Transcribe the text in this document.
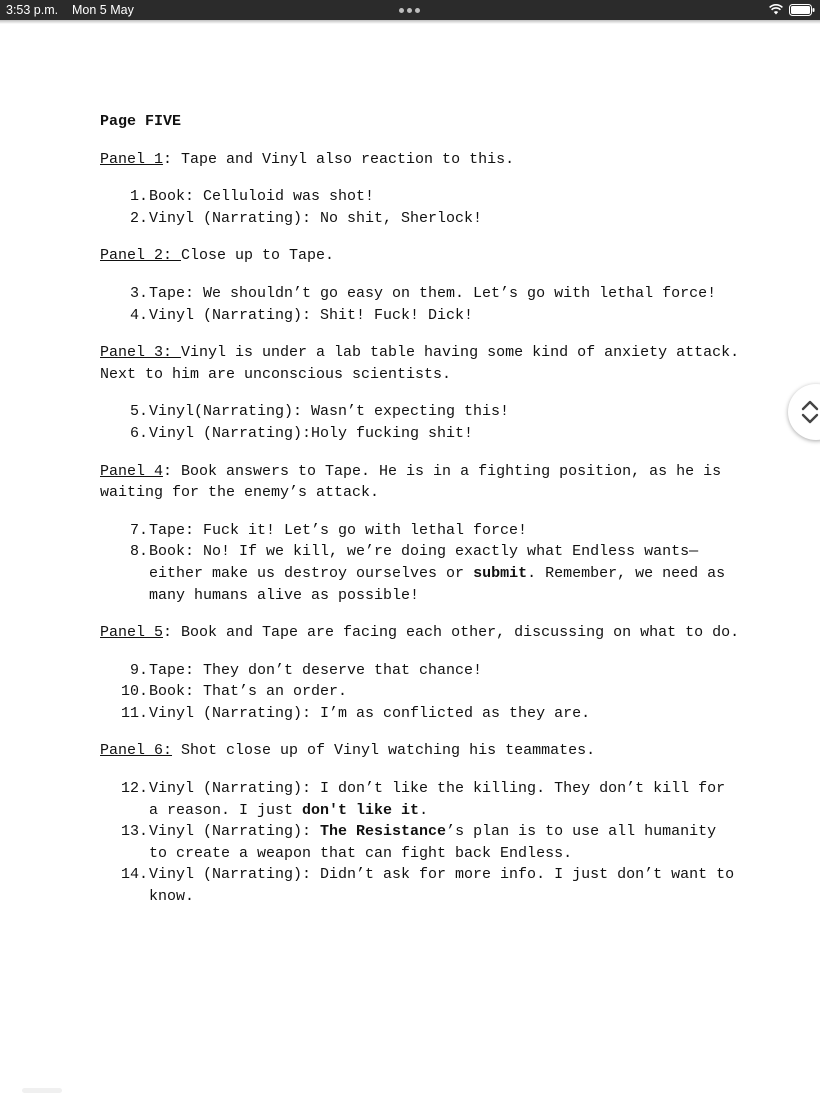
3:53 p.m. Mon 5 May

Page FIVE

Panel 1: Tape and Vinyl also reaction to this.

1. Book: Celluloid was shot!
2. Vinyl (Narrating): No shit, Sherlock!

Panel 2: Close up to Tape.

3. Tape: We shouldn’t go easy on them. Let’s go with lethal force!
4. Vinyl (Narrating): Shit! Fuck! Dick!

Panel 3: Vinyl is under a lab table having some kind of anxiety attack. Next to him are unconscious scientists.

5. Vinyl(Narrating): Wasn’t expecting this!
6. Vinyl (Narrating):Holy fucking shit!

Panel 4: Book answers to Tape. He is in a fighting position, as he is waiting for the enemy’s attack.

7. Tape: Fuck it! Let’s go with lethal force!
8. Book: No! If we kill, we’re doing exactly what Endless wants—either make us destroy ourselves or submit. Remember, we need as many humans alive as possible!

Panel 5: Book and Tape are facing each other, discussing on what to do.

9. Tape: They don’t deserve that chance!
10. Book: That’s an order.
11. Vinyl (Narrating): I’m as conflicted as they are.

Panel 6: Shot close up of Vinyl watching his teammates.

12. Vinyl (Narrating): I don’t like the killing. They don’t kill for a reason. I just don't like it.
13. Vinyl (Narrating): The Resistance’s plan is to use all humanity to create a weapon that can fight back Endless.
14. Vinyl (Narrating): Didn’t ask for more info. I just don’t want to know.
